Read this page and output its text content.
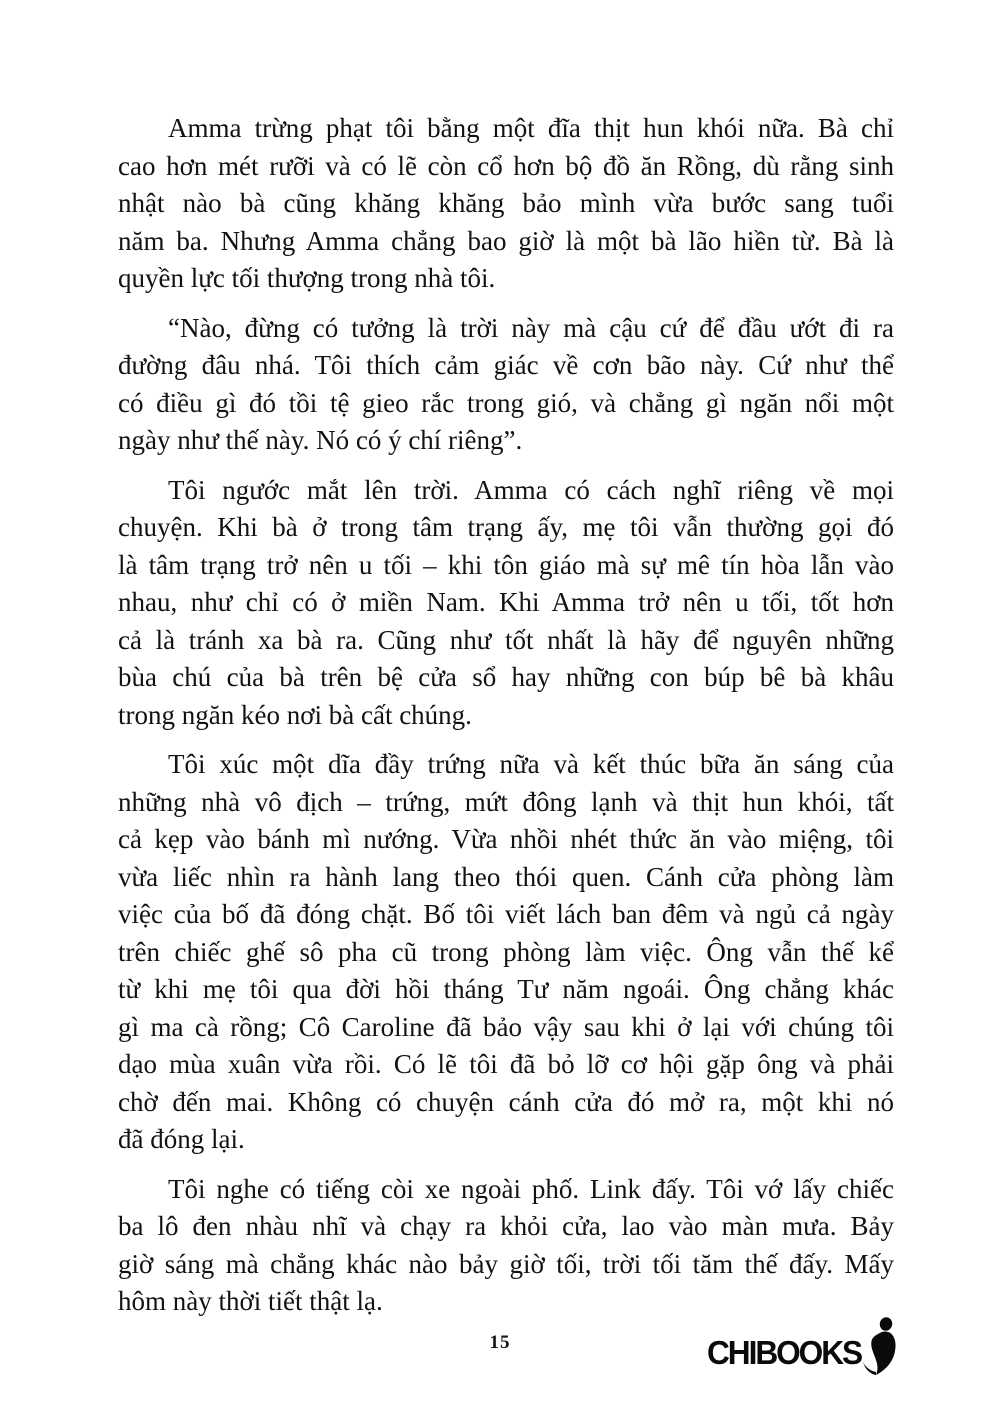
Amma trừng phạt tôi bằng một đĩa thịt hun khói nữa. Bà chỉ
cao hơn mét rưỡi và có lẽ còn cổ hơn bộ đồ ăn Rồng, dù rằng sinh
nhật nào bà cũng khăng khăng bảo mình vừa bước sang tuổi
năm ba. Nhưng Amma chẳng bao giờ là một bà lão hiền từ. Bà là
quyền lực tối thượng trong nhà tôi.
“Nào, đừng có tưởng là trời này mà cậu cứ để đầu ướt đi ra
đường đâu nhá. Tôi thích cảm giác về cơn bão này. Cứ như thể
có điều gì đó tồi tệ gieo rắc trong gió, và chẳng gì ngăn nổi một
ngày như thế này. Nó có ý chí riêng”.
Tôi ngước mắt lên trời. Amma có cách nghĩ riêng về mọi
chuyện. Khi bà ở trong tâm trạng ấy, mẹ tôi vẫn thường gọi đó
là tâm trạng trở nên u tối – khi tôn giáo mà sự mê tín hòa lẫn vào
nhau, như chỉ có ở miền Nam. Khi Amma trở nên u tối, tốt hơn
cả là tránh xa bà ra. Cũng như tốt nhất là hãy để nguyên những
bùa chú của bà trên bệ cửa sổ hay những con búp bê bà khâu
trong ngăn kéo nơi bà cất chúng.
Tôi xúc một dĩa đầy trứng nữa và kết thúc bữa ăn sáng của
những nhà vô địch – trứng, mứt đông lạnh và thịt hun khói, tất
cả kẹp vào bánh mì nướng. Vừa nhồi nhét thức ăn vào miệng, tôi
vừa liếc nhìn ra hành lang theo thói quen. Cánh cửa phòng làm
việc của bố đã đóng chặt. Bố tôi viết lách ban đêm và ngủ cả ngày
trên chiếc ghế sô pha cũ trong phòng làm việc. Ông vẫn thế kể
từ khi mẹ tôi qua đời hồi tháng Tư năm ngoái. Ông chẳng khác
gì ma cà rồng; Cô Caroline đã bảo vậy sau khi ở lại với chúng tôi
dạo mùa xuân vừa rồi. Có lẽ tôi đã bỏ lỡ cơ hội gặp ông và phải
chờ đến mai. Không có chuyện cánh cửa đó mở ra, một khi nó
đã đóng lại.
Tôi nghe có tiếng còi xe ngoài phố. Link đấy. Tôi vớ lấy chiếc
ba lô đen nhàu nhĩ và chạy ra khỏi cửa, lao vào màn mưa. Bảy
giờ sáng mà chẳng khác nào bảy giờ tối, trời tối tăm thế đấy. Mấy
hôm này thời tiết thật lạ.
15	CHIBOOKS
